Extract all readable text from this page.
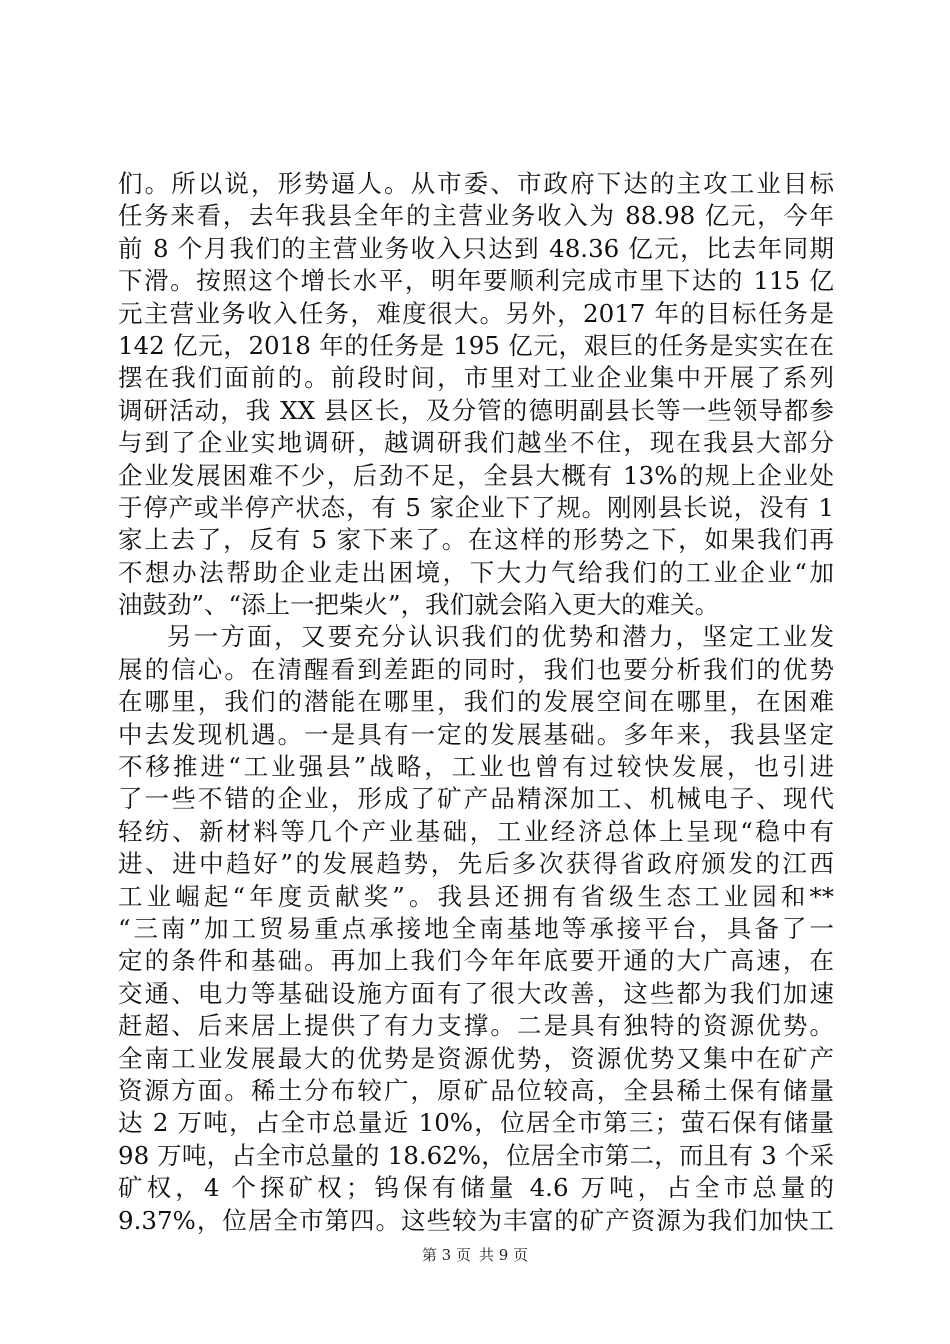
们。所以说，形势逼人。从市委、市政府下达的主攻工业目标
任务来看，去年我县全年的主营业务收入为 88.98 亿元，今年
前 8 个月我们的主营业务收入只达到 48.36 亿元，比去年同期
下滑。按照这个增长水平，明年要顺利完成市里下达的 115 亿
元主营业务收入任务，难度很大。另外，2017 年的目标任务是
142 亿元，2018 年的任务是 195 亿元，艰巨的任务是实实在在
摆在我们面前的。前段时间，市里对工业企业集中开展了系列
调研活动，我 XX 县区长，及分管的德明副县长等一些领导都参
与到了企业实地调研，越调研我们越坐不住，现在我县大部分
企业发展困难不少，后劲不足，全县大概有 13%的规上企业处
于停产或半停产状态，有 5 家企业下了规。刚刚县长说，没有 1
家上去了，反有 5 家下来了。在这样的形势之下，如果我们再
不想办法帮助企业走出困境，下大力气给我们的工业企业“加
油鼓劲”、“添上一把柴火”，我们就会陷入更大的难关。
另一方面，又要充分认识我们的优势和潜力，坚定工业发
展的信心。在清醒看到差距的同时，我们也要分析我们的优势
在哪里，我们的潜能在哪里，我们的发展空间在哪里，在困难
中去发现机遇。一是具有一定的发展基础。多年来，我县坚定
不移推进“工业强县”战略，工业也曾有过较快发展，也引进
了一些不错的企业，形成了矿产品精深加工、机械电子、现代
轻纺、新材料等几个产业基础，工业经济总体上呈现“稳中有
进、进中趋好”的发展趋势，先后多次获得省政府颁发的江西
工业崛起“年度贡献奖”。我县还拥有省级生态工业园和**
“三南”加工贸易重点承接地全南基地等承接平台，具备了一
定的条件和基础。再加上我们今年年底要开通的大广高速，在
交通、电力等基础设施方面有了很大改善，这些都为我们加速
赶超、后来居上提供了有力支撑。二是具有独特的资源优势。
全南工业发展最大的优势是资源优势，资源优势又集中在矿产
资源方面。稀土分布较广，原矿品位较高，全县稀土保有储量
达 2 万吨，占全市总量近 10%，位居全市第三；萤石保有储量
98 万吨，占全市总量的 18.62%，位居全市第二，而且有 3 个采
矿权，4 个探矿权；钨保有储量 4.6 万吨，占全市总量的
9.37%，位居全市第四。这些较为丰富的矿产资源为我们加快工
第 3 页 共 9 页
